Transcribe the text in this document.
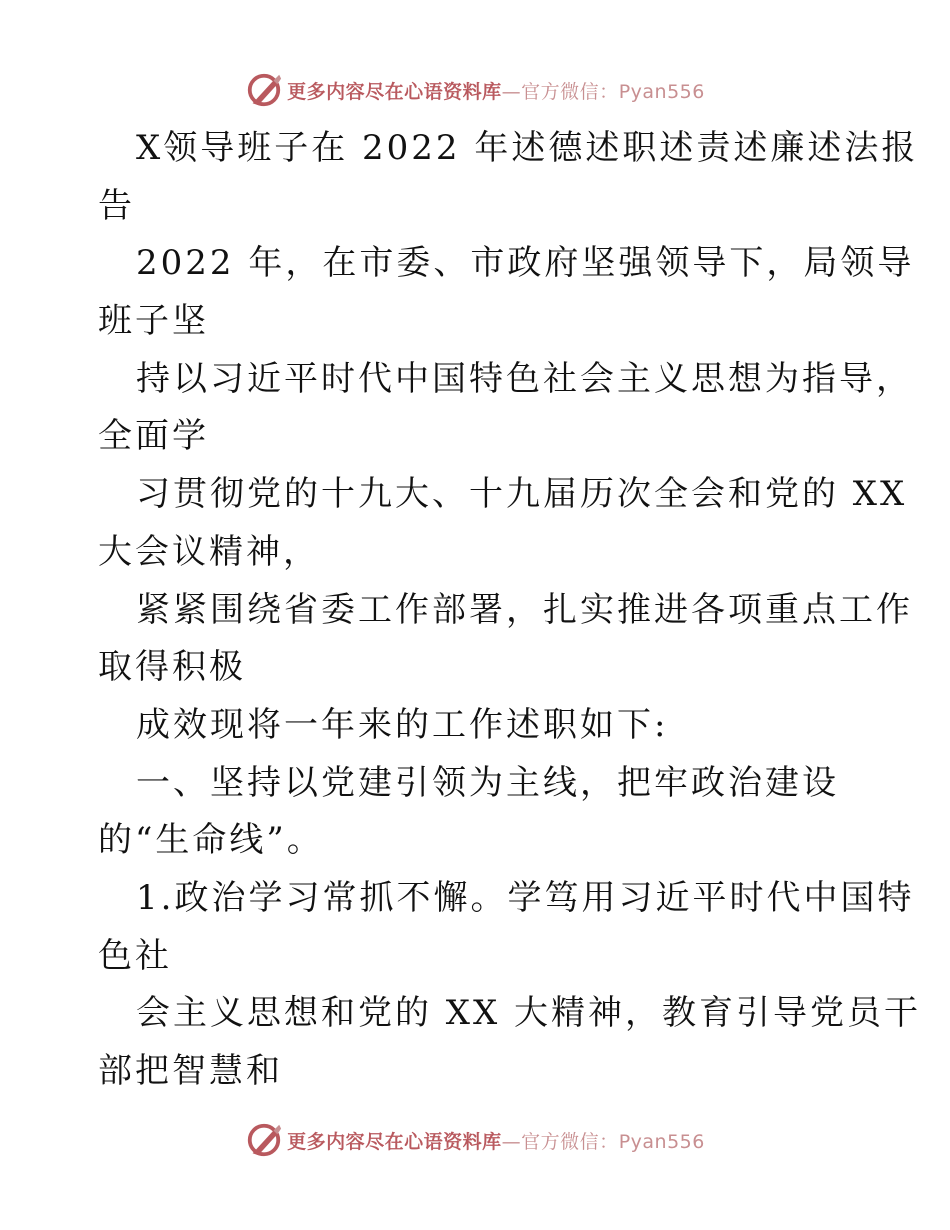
更多内容尽在心语资料库—官方微信：Pyan556
X领导班子在 2022 年述德述职述责述廉述法报
告
2022 年，在市委、市政府坚强领导下，局领导
班子坚
持以习近平时代中国特色社会主义思想为指导，
全面学
习贯彻党的十九大、十九届历次全会和党的 XX
大会议精神，
紧紧围绕省委工作部署，扎实推进各项重点工作
取得积极
成效现将一年来的工作述职如下:
一、坚持以党建引领为主线，把牢政治建设
的“生命线”。
1.政治学习常抓不懈。学笃用习近平时代中国特
色社
会主义思想和党的 XX 大精神，教育引导党员干
部把智慧和
更多内容尽在心语资料库—官方微信：Pyan556
